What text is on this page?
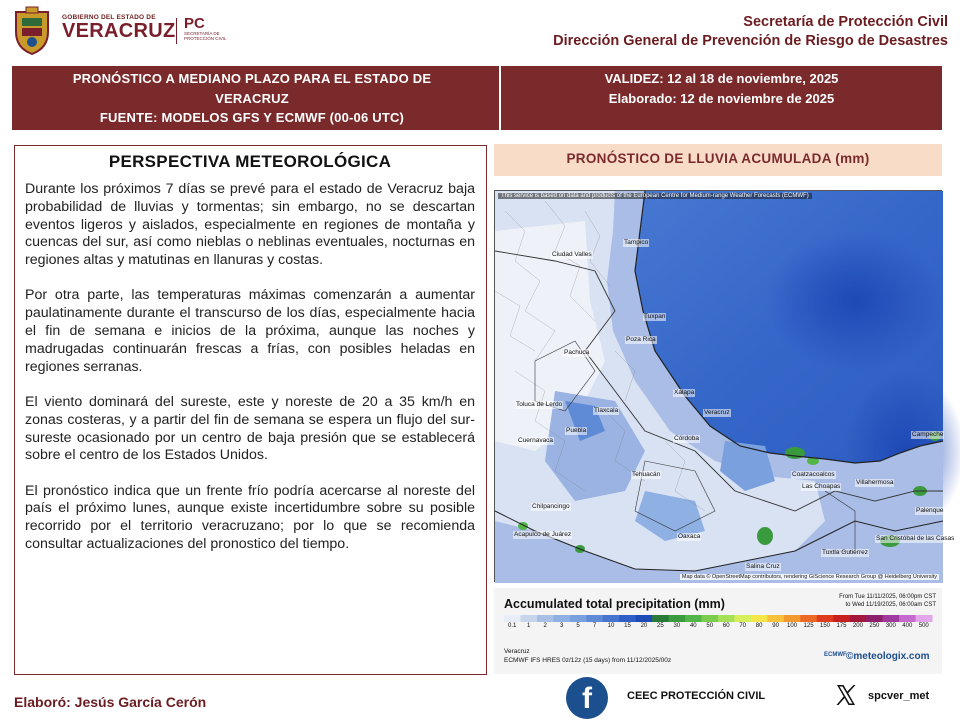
GOBIERNO DEL ESTADO DE
VERACRUZ PC
SECRETARÍA DE PROTECCIÓN CIVIL
Secretaría de Protección Civil
Dirección General de Prevención de Riesgo de Desastres
PRONÓSTICO A MEDIANO PLAZO PARA EL ESTADO DE
VERACRUZ
FUENTE: MODELOS GFS Y ECMWF (00-06 UTC)
VALIDEZ: 12 al 18 de noviembre, 2025
Elaborado: 12 de noviembre de 2025
PERSPECTIVA METEOROLÓGICA

Durante los próximos 7 días se prevé para el estado de Veracruz baja probabilidad de lluvias y tormentas; sin embargo, no se descartan eventos ligeros y aislados, especialmente en regiones de montaña y cuencas del sur, así como nieblas o neblinas eventuales, nocturnas en regiones altas y matutinas en llanuras y costas.

Por otra parte, las temperaturas máximas comenzarán a aumentar paulatinamente durante el transcurso de los días, especialmente hacia el fin de semana e inicios de la próxima, aunque las noches y madrugadas continuarán frescas a frías, con posibles heladas en regiones serranas.

El viento dominará del sureste, este y noreste de 20 a 35 km/h en zonas costeras, y a partir del fin de semana se espera un flujo del sur-sureste ocasionado por un centro de baja presión que se establecerá sobre el centro de los Estados Unidos.

El pronóstico indica que un frente frío podría acercarse al noreste del país el próximo lunes, aunque existe incertidumbre sobre su posible recorrido por el territorio veracruzano; por lo que se recomienda consultar actualizaciones del pronostico del tiempo.

PRONÓSTICO DE LLUVIA ACUMULADA (mm)
This service is based on data and products of the European Centre for Medium-range Weather Forecasts (ECMWF)
Tampico
Ciudad Valles
Tuxpan
Poza Rica
Pachuca
Xalapa
Veracruz
Toluca de Lerdo
Puebla
Cuernavaca
Tlaxcala
Córdoba
Coatzacoalcos
Las Choapas
Villahermosa
Chilpancingo
Acapulco de Juárez	Oaxaca
Tuxtla Gutiérrez
San Cristóbal de las Casas
Palenque
Campeche
Tehuacán
Salina Cruz
Map data © OpenStreetMap contributors, rendering GIScience Research Group @ Heidelberg University
Accumulated total precipitation (mm)	From Tue 11/11/2025, 06:00pm CST
to Wed 11/19/2025, 06:00am CST
0.1 1 2 3 5 7 10 15 20 25 30 40 50 60 70 80 90 100 125 150 175 200 250 300 400 500
Veracruz
ECMWF IFS HRES 0z/12z (15 days) from 11/12/2025/00z
ECMWF ©meteologix.com
Elaboró: Jesús García Cerón	f	CEEC PROTECCIÓN CIVIL	spcver_met
